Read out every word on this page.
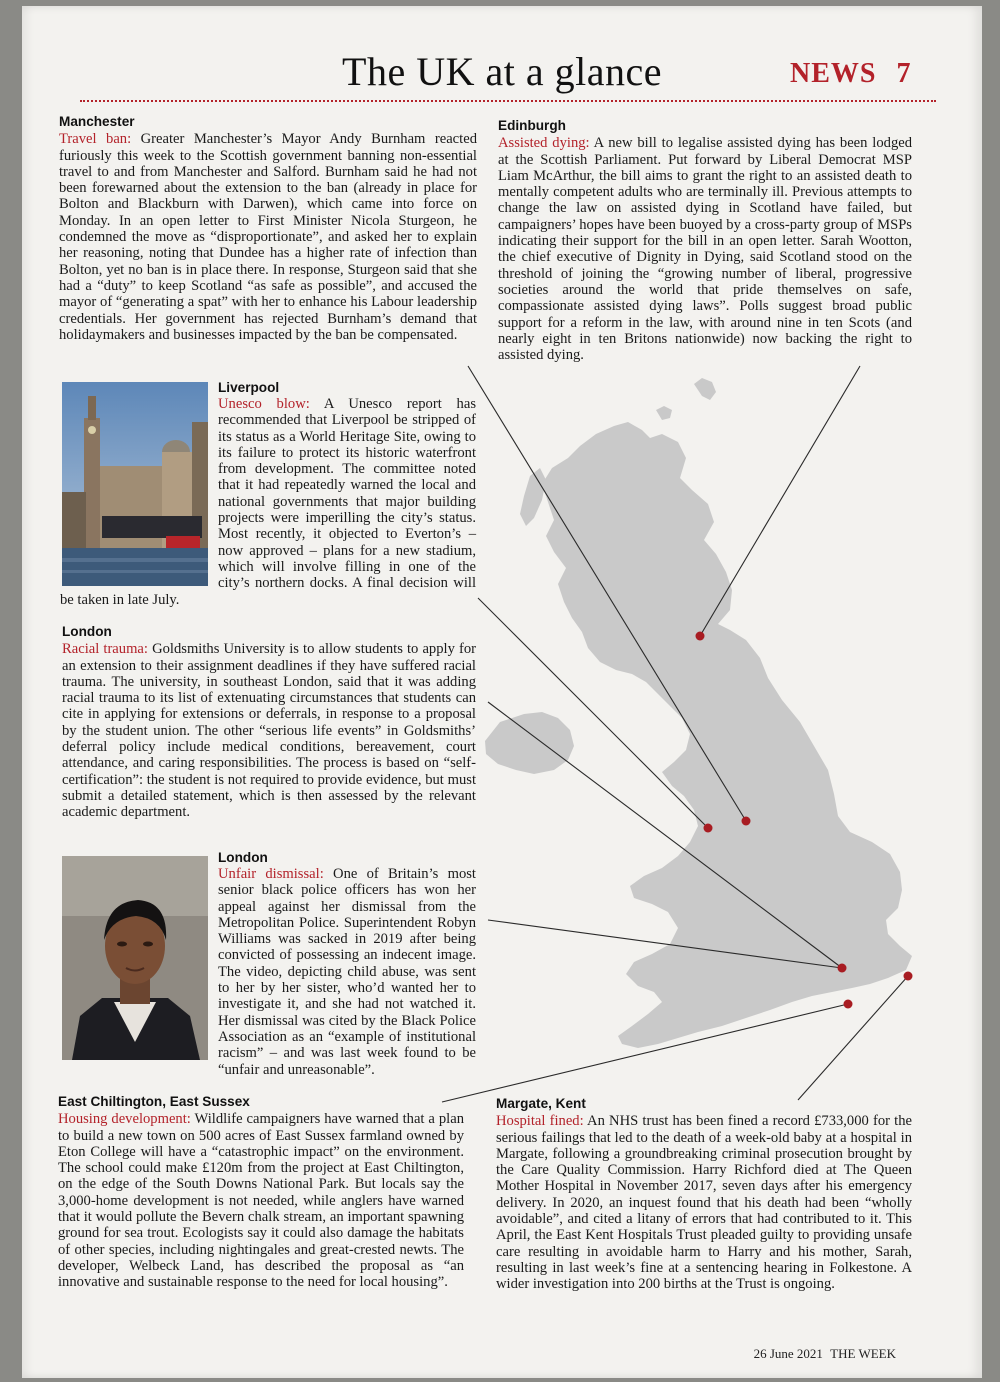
The UK at a glance	NEWS 7
Manchester

Travel ban: Greater Manchester’s Mayor Andy Burnham reacted furiously this week to the Scottish government banning non-essential travel to and from Manchester and Salford. Burnham said he had not been forewarned about the extension to the ban (already in place for Bolton and Blackburn with Darwen), which came into force on Monday. In an open letter to First Minister Nicola Sturgeon, he condemned the move as “disproportionate”, and asked her to explain her reasoning, noting that Dundee has a higher rate of infection than Bolton, yet no ban is in place there. In response, Sturgeon said that she had a “duty” to keep Scotland “as safe as possible”, and accused the mayor of “generating a spat” with her to enhance his Labour leadership credentials. Her government has rejected Burnham’s demand that holidaymakers and businesses impacted by the ban be compensated.

Edinburgh

Assisted dying: A new bill to legalise assisted dying has been lodged at the Scottish Parliament. Put forward by Liberal Democrat MSP Liam McArthur, the bill aims to grant the right to an assisted death to mentally competent adults who are terminally ill. Previous attempts to change the law on assisted dying in Scotland have failed, but campaigners’ hopes have been buoyed by a cross-party group of MSPs indicating their support for the bill in an open letter. Sarah Wootton, the chief executive of Dignity in Dying, said Scotland stood on the threshold of joining the “growing number of liberal, progressive societies around the world that pride themselves on safe, compassionate assisted dying laws”. Polls suggest broad public support for a reform in the law, with around nine in ten Scots (and nearly eight in ten Britons nationwide) now backing the right to assisted dying.

Liverpool

Unesco blow: A Unesco report has recommended that Liverpool be stripped of its status as a World Heritage Site, owing to its failure to protect its historic waterfront from development. The committee noted that it had repeatedly warned the local and national governments that major building projects were imperilling the city’s status. Most recently, it objected to Everton’s – now approved – plans for a new stadium, which will involve filling in one of the city’s northern docks. A final decision will be taken in late July.

London

Racial trauma: Goldsmiths University is to allow students to apply for an extension to their assignment deadlines if they have suffered racial trauma. The university, in southeast London, said that it was adding racial trauma to its list of extenuating circumstances that students can cite in applying for extensions or deferrals, in response to a proposal by the student union. The other “serious life events” in Goldsmiths’ deferral policy include medical conditions, bereavement, court attendance, and caring responsibilities. The process is based on “self-certification”: the student is not required to provide evidence, but must submit a detailed statement, which is then assessed by the relevant academic department.

London

Unfair dismissal: One of Britain’s most senior black police officers has won her appeal against her dismissal from the Metropolitan Police. Superintendent Robyn Williams was sacked in 2019 after being convicted of possessing an indecent image. The video, depicting child abuse, was sent to her by her sister, who’d wanted her to investigate it, and she had not watched it. Her dismissal was cited by the Black Police Association as an “example of institutional racism” – and was last week found to be “unfair and unreasonable”.

East Chiltington, East Sussex

Housing development: Wildlife campaigners have warned that a plan to build a new town on 500 acres of East Sussex farmland owned by Eton College will have a “catastrophic impact” on the environment. The school could make £120m from the project at East Chiltington, on the edge of the South Downs National Park. But locals say the 3,000-home development is not needed, while anglers have warned that it would pollute the Bevern chalk stream, an important spawning ground for sea trout. Ecologists say it could also damage the habitats of other species, including nightingales and great-crested newts. The developer, Welbeck Land, has described the proposal as “an innovative and sustainable response to the need for local housing”.

Margate, Kent

Hospital fined: An NHS trust has been fined a record £733,000 for the serious failings that led to the death of a week-old baby at a hospital in Margate, following a groundbreaking criminal prosecution brought by the Care Quality Commission. Harry Richford died at The Queen Mother Hospital in November 2017, seven days after his emergency delivery. In 2020, an inquest found that his death had been “wholly avoidable”, and cited a litany of errors that had contributed to it. This April, the East Kent Hospitals Trust pleaded guilty to providing unsafe care resulting in avoidable harm to Harry and his mother, Sarah, resulting in last week’s fine at a sentencing hearing in Folkestone. A wider investigation into 200 births at the Trust is ongoing.

26 June 2021 THE WEEK
